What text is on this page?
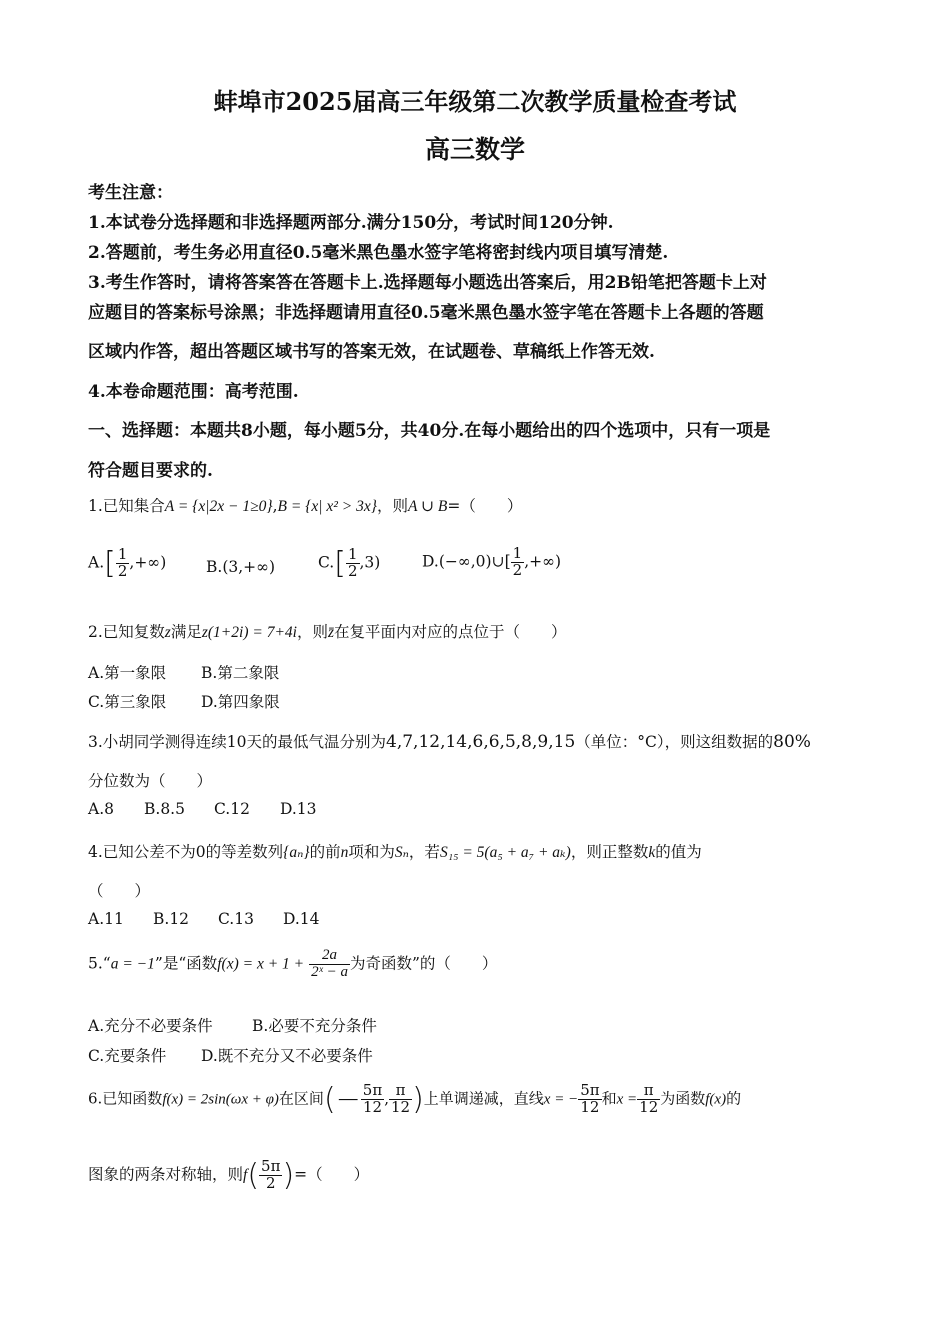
蚌埠市2025届高三年级第二次教学质量检查考试
高三数学
考生注意：
1.本试卷分选择题和非选择题两部分.满分150分，考试时间120分钟.
2.答题前，考生务必用直径0.5毫米黑色墨水签字笔将密封线内项目填写清楚.
3.考生作答时，请将答案答在答题卡上.选择题每小题选出答案后，用2B铅笔把答题卡上对
应题目的答案标号涂黑；非选择题请用直径0.5毫米黑色墨水签字笔在答题卡上各题的答题
区域内作答，超出答题区域书写的答案无效，在试题卷、草稿纸上作答无效.
4.本卷命题范围：高考范围.
一、选择题：本题共8小题，每小题5分，共40分.在每小题给出的四个选项中，只有一项是
符合题目要求的.
1.已知集合A = {x|2x − 1≥0},B = {x| x² > 3x}，则A ∪ B=（　　）
$A.[ \frac{1}{2}$ ,+∞)	B.(3,+∞)	$C.[ \frac{1}{2} ,3)$	D.(−∞,0)∪[ $\frac{1}{2}$ ,+∞)
2.已知复数z满足z(1+2i) = 7+4i，则z̄在复平面内对应的点位于（　　）
A.第一象限 B.第二象限
C.第三象限 D.第四象限
3.小胡同学测得连续10天的最低气温分别为4,7,12,14,6,6,5,8,9,15（单位：°C），则这组数据的80%
分位数为（　　）
A.8 B.8.5 C.12 D.13
4.已知公差不为0的等差数列{aₙ}的前n项和为Sₙ，若S₁₅ = 5(a₅ + a₇ + aₖ)，则正整数k的值为
（　　）
A.11 B.12 C.13 D.14
5.“a = −1”是“函数$f(x) = x + 1 + \frac{2a}{\text{2ˣ − a}}$ 为奇函数”的（　　）
A.充分不必要条件	B.必要不充分条件
C.充要条件 D.既不充分又不必要条件
6.已知函数f(x) = 2sin(ωx + φ)在区间(− $\frac{5\pi}{12}$ , $\frac{\pi}{12}$ )上单调递减，直线x = − $\frac{5\pi}{12}$ 和$x = \frac{\pi}{12}$ 为函数f(x)的
图象的两条对称轴，则$f( \frac{5\pi}{2}$ )=（　　）
